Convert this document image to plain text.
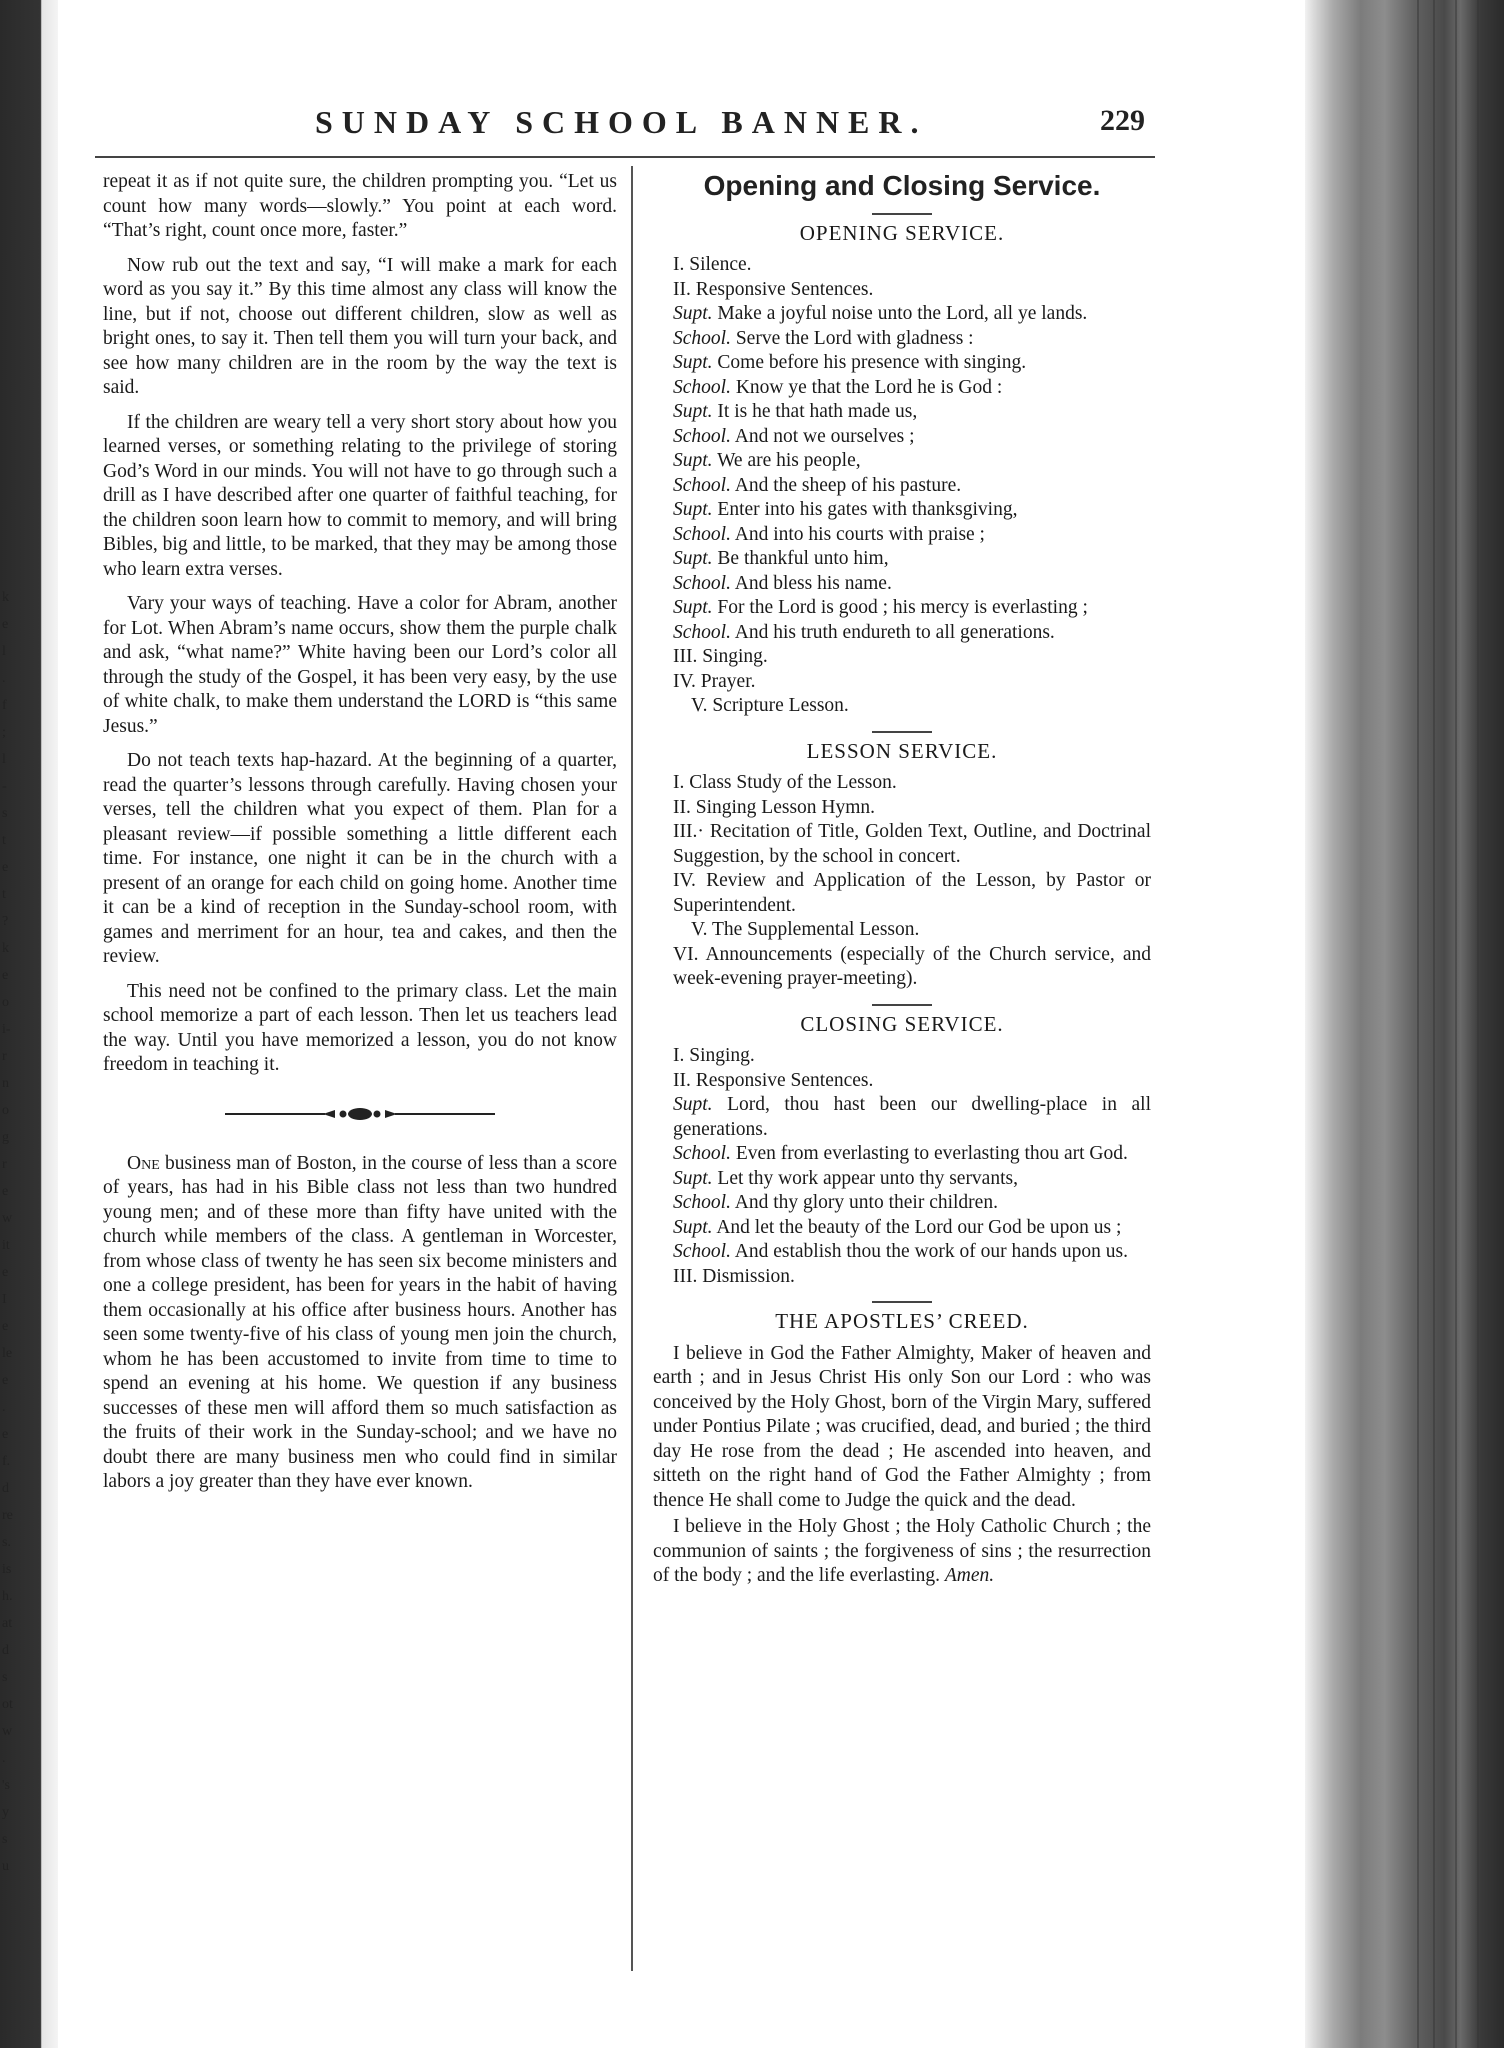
k
e
l
.
f
;
l
-
s
t
e
t
?
k
e
o
i-
r
n
o
g
r
e
w
it
e
I
e
le
e
.
e
f.
d
re
s.
is
h.
at
d
s
ot
w
.
's
y
s
u
SUNDAY SCHOOL BANNER.	229

repeat it as if not quite sure, the children prompting you. “Let us count how many words—slowly.” You point at each word. “That’s right, count once more, faster.”

Now rub out the text and say, “I will make a mark for each word as you say it.” By this time almost any class will know the line, but if not, choose out different children, slow as well as bright ones, to say it. Then tell them you will turn your back, and see how many children are in the room by the way the text is said.

If the children are weary tell a very short story about how you learned verses, or something relating to the privilege of storing God’s Word in our minds. You will not have to go through such a drill as I have described after one quarter of faithful teaching, for the children soon learn how to commit to memory, and will bring Bibles, big and little, to be marked, that they may be among those who learn extra verses.

Vary your ways of teaching. Have a color for Abram, another for Lot. When Abram’s name occurs, show them the purple chalk and ask, “what name?” White having been our Lord’s color all through the study of the Gospel, it has been very easy, by the use of white chalk, to make them understand the LORD is “this same Jesus.”

Do not teach texts hap-hazard. At the beginning of a quarter, read the quarter’s lessons through carefully. Having chosen your verses, tell the children what you expect of them. Plan for a pleasant review—if possible something a little different each time. For instance, one night it can be in the church with a present of an orange for each child on going home. Another time it can be a kind of reception in the Sunday-school room, with games and merriment for an hour, tea and cakes, and then the review.

This need not be confined to the primary class. Let the main school memorize a part of each lesson. Then let us teachers lead the way. Until you have memorized a lesson, you do not know freedom in teaching it.

One business man of Boston, in the course of less than a score of years, has had in his Bible class not less than two hundred young men; and of these more than fifty have united with the church while members of the class. A gentleman in Worcester, from whose class of twenty he has seen six become ministers and one a college president, has been for years in the habit of having them occasionally at his office after business hours. Another has seen some twenty-five of his class of young men join the church, whom he has been accustomed to invite from time to time to spend an evening at his home. We question if any business successes of these men will afford them so much satisfaction as the fruits of their work in the Sunday-school; and we have no doubt there are many business men who could find in similar labors a joy greater than they have ever known.

Opening and Closing Service.
OPENING SERVICE.
I. Silence.
II. Responsive Sentences.

Supt. Make a joyful noise unto the Lord, all ye lands.

School. Serve the Lord with gladness :

Supt. Come before his presence with singing.

School. Know ye that the Lord he is God :

Supt. It is he that hath made us,

School. And not we ourselves ;

Supt. We are his people,

School. And the sheep of his pasture.

Supt. Enter into his gates with thanksgiving,

School. And into his courts with praise ;

Supt. Be thankful unto him,

School. And bless his name.

Supt. For the Lord is good ; his mercy is everlasting ;

School. And his truth endureth to all generations.

III. Singing.
IV. Prayer.
V. Scripture Lesson.
LESSON SERVICE.
I. Class Study of the Lesson.
II. Singing Lesson Hymn.

III.· Recitation of Title, Golden Text, Outline, and Doctrinal Suggestion, by the school in concert.

IV. Review and Application of the Lesson, by Pastor or Superintendent.

V. The Supplemental Lesson.

VI. Announcements (especially of the Church service, and week-evening prayer-meeting).

CLOSING SERVICE.
I. Singing.
II. Responsive Sentences.

Supt. Lord, thou hast been our dwelling-place in all generations.

School. Even from everlasting to everlasting thou art God.

Supt. Let thy work appear unto thy servants,

School. And thy glory unto their children.

Supt. And let the beauty of the Lord our God be upon us ;

School. And establish thou the work of our hands upon us.

III. Dismission.
THE APOSTLES’ CREED.

I believe in God the Father Almighty, Maker of heaven and earth ; and in Jesus Christ His only Son our Lord : who was conceived by the Holy Ghost, born of the Virgin Mary, suffered under Pontius Pilate ; was crucified, dead, and buried ; the third day He rose from the dead ; He ascended into heaven, and sitteth on the right hand of God the Father Almighty ; from thence He shall come to Judge the quick and the dead.

I believe in the Holy Ghost ; the Holy Catholic Church ; the communion of saints ; the forgiveness of sins ; the resurrection of the body ; and the life everlasting. Amen.
